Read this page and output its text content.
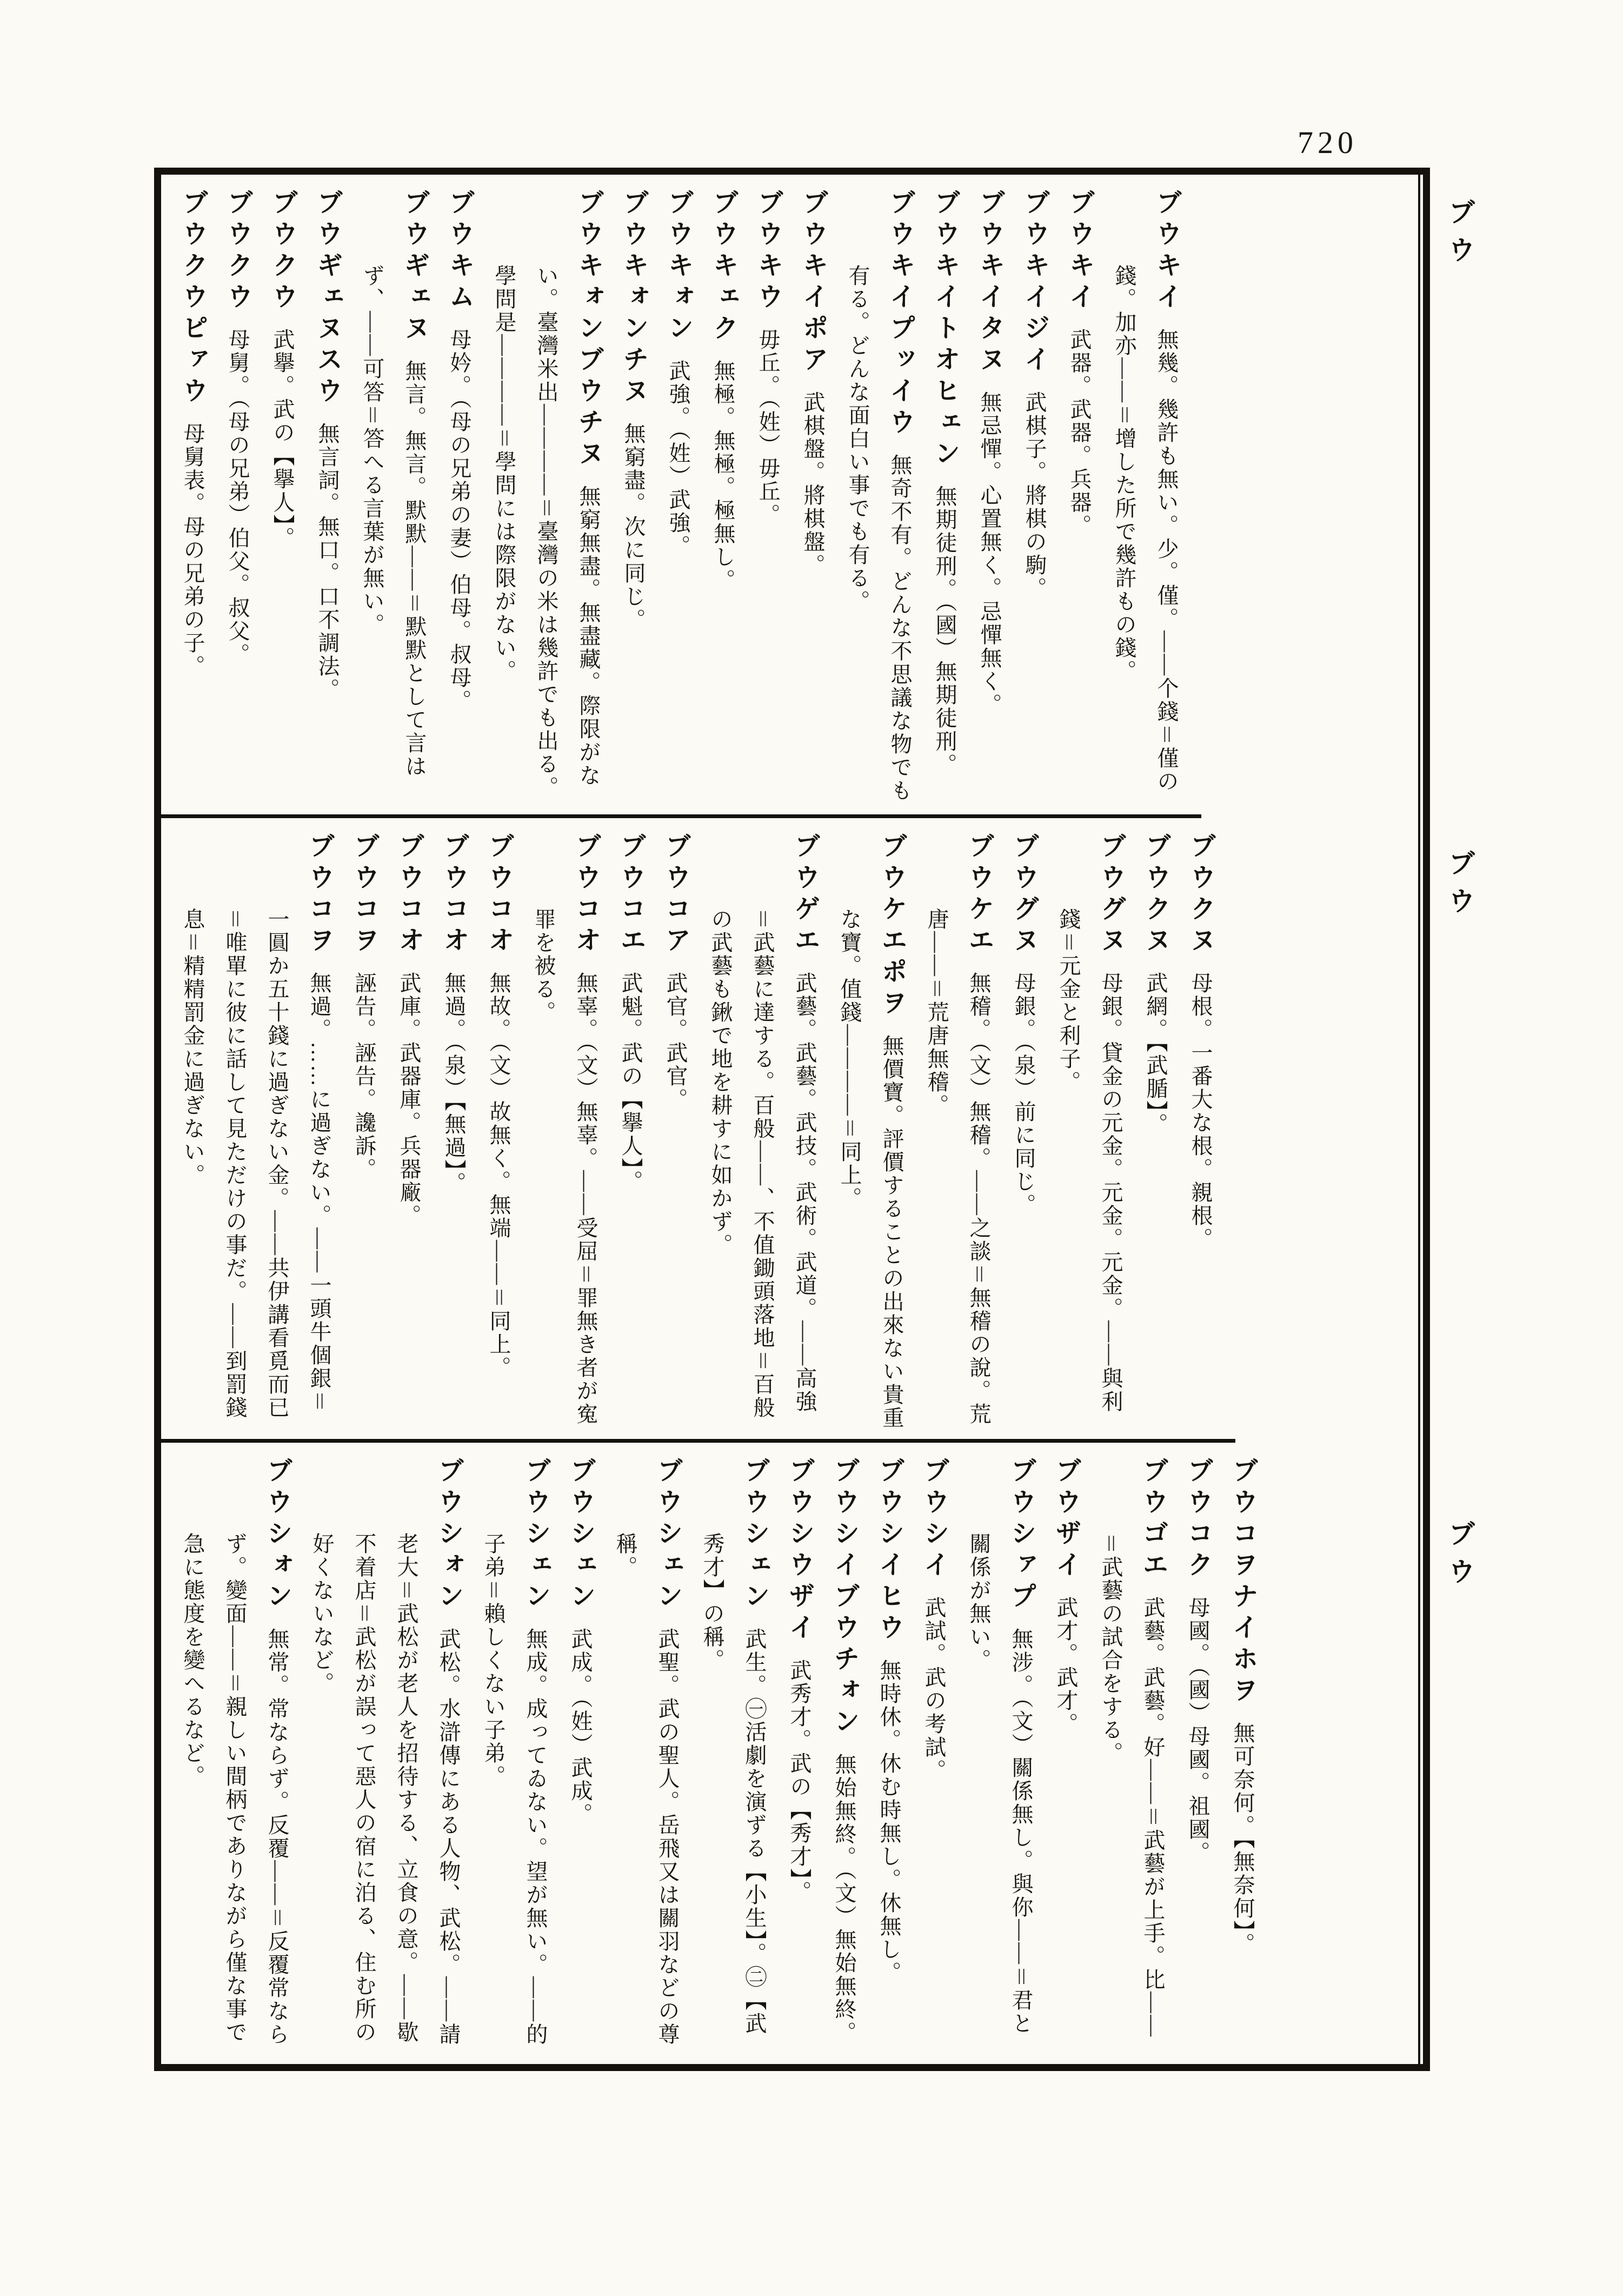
720
ブウキイ無幾。幾許も無い。少。僅。――个錢＝僅の錢。加亦――＝增した所で幾許もの錢。
ブウキイ武器。武器。兵器。
ブウキイジイ武棋子。將棋の駒。
ブウキイタヌ無忌憚。心置無く。忌憚無く。
ブウキイトオヒェン無期徒刑。（國）無期徒刑。
ブウキイプッイウ無奇不有。どんな不思議な物でも有る。どんな面白い事でも有る。
ブウキイポア武棋盤。將棋盤。
ブウキウ毋丘。（姓）毋丘。
ブウキェク無極。無極。極無し。
ブウキォン武強。（姓）武強。
ブウキォンチヌ無窮盡。次に同じ。
ブウキォンブウチヌ無窮無盡。無盡藏。際限がない。臺灣米出――――＝臺灣の米は幾許でも出る。學問是――――＝學問には際限がない。
ブウキム母妗。（母の兄弟の妻）伯母。叔母。
ブウギェヌ無言。無言。默默――＝默默として言はず、――可答＝答へる言葉が無い。
ブウギェヌスウ無言詞。無口。口不調法。
ブウクウ武擧。武の【擧人】。
ブウクウ母舅。（母の兄弟）伯父。叔父。
ブウクウピァウ母舅表。母の兄弟の子。
ブウクヌ母根。一番大な根。親根。
ブウクヌ武網。【武腯】。
ブウグヌ母銀。貸金の元金。元金。元金。――與利錢＝元金と利子。
ブウグヌ母銀。（泉）前に同じ。
ブウケエ無稽。（文）無稽。――之談＝無稽の說。荒唐――＝荒唐無稽。
ブウケエポヲ無價寶。評價することの出來ない貴重な寶。值錢――――＝同上。
ブウゲエ武藝。武藝。武技。武術。武道。――高強＝武藝に達する。百般――、不值鋤頭落地＝百般の武藝も鍬で地を耕すに如かず。
ブウコア武官。武官。
ブウコエ武魁。武の【擧人】。
ブウコオ無辜。（文）無辜。――受屈＝罪無き者が寃罪を被る。
ブウコオ無故。（文）故無く。無端――＝同上。
ブウコオ無過。（泉）【無過】。
ブウコオ武庫。武器庫。兵器廠。
ブウコヲ誣告。誣告。讒訴。
ブウコヲ無過。……に過ぎない。――一頭牛個銀＝一圓か五十錢に過ぎない金。――共伊講看覓而已＝唯單に彼に話して見ただけの事だ。――到罰錢息＝精精罰金に過ぎない。
ブウコヲナイホヲ無可奈何。【無奈何】。
ブウコク母國。（國）母國。祖國。
ブウゴエ武藝。武藝。好――＝武藝が上手。比――＝武藝の試合をする。
ブウザイ武才。武才。
ブウシァプ無涉。（文）關係無し。與你――＝君と關係が無い。
ブウシイ武試。武の考試。
ブウシイヒウ無時休。休む時無し。休無し。
ブウシイブウチォン無始無終。（文）無始無終。
ブウシウザイ武秀才。武の【秀才】。
ブウシェン武生。㊀活劇を演ずる【小生】。㊁【武秀才】の稱。
ブウシェン武聖。武の聖人。岳飛又は關羽などの尊稱。
ブウシェン武成。（姓）武成。
ブウシェン無成。成ってゐない。望が無い。――的子弟＝賴しくない子弟。
ブウシォン武松。水滸傳にある人物、武松。――請老大＝武松が老人を招待する、立食の意。――歇不着店＝武松が誤って惡人の宿に泊る、住む所の好くないなど。
ブウシォン無常。常ならず。反覆――＝反覆常ならず。變面――＝親しい間柄でありながら僅な事で急に態度を變へるなど。
ブウ
ブウ
ブウ
